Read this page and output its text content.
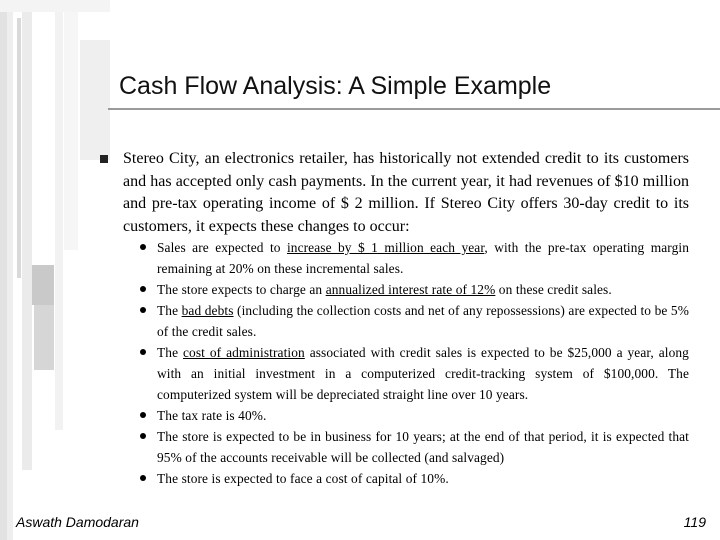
Cash Flow Analysis: A Simple Example
Stereo City, an electronics retailer, has historically not extended credit to its customers and has accepted only cash payments. In the current year, it had revenues of $10 million and pre-tax operating income of $ 2 million. If Stereo City offers 30-day credit to its customers, it expects these changes to occur:
Sales are expected to increase by $ 1 million each year, with the pre-tax operating margin remaining at 20% on these incremental sales.
The store expects to charge an annualized interest rate of 12% on these credit sales.
The bad debts (including the collection costs and net of any repossessions) are expected to be 5% of the credit sales.
The cost of administration associated with credit sales is expected to be $25,000 a year, along with an initial investment in a computerized credit-tracking system of $100,000. The computerized system will be depreciated straight line over 10 years.
The tax rate is 40%.
The store is expected to be in business for 10 years; at the end of that period, it is expected that 95% of the accounts receivable will be collected (and salvaged)
The store is expected to face a cost of capital of 10%.
Aswath Damodaran	119
